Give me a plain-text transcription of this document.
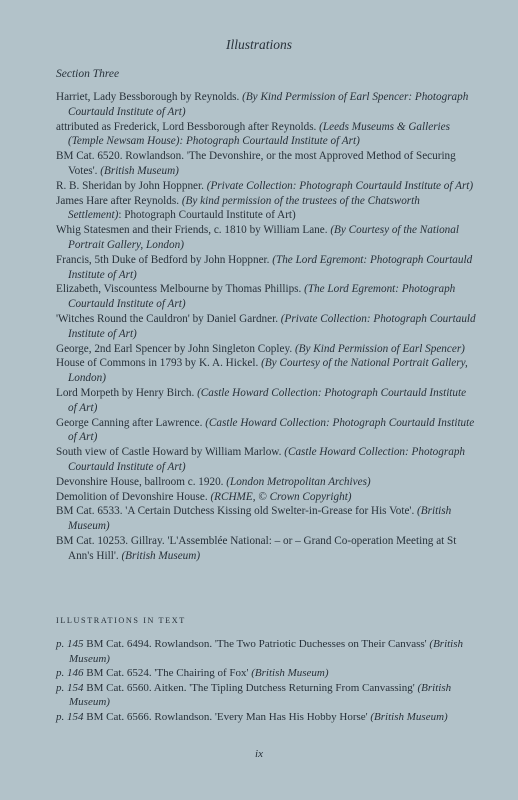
Illustrations
Section Three

Harriet, Lady Bessborough by Reynolds. (By Kind Permission of Earl Spencer: Photograph Courtauld Institute of Art)

attributed as Frederick, Lord Bessborough after Reynolds. (Leeds Museums & Galleries (Temple Newsam House): Photograph Courtauld Institute of Art)

BM Cat. 6520. Rowlandson. 'The Devonshire, or the most Approved Method of Securing Votes'. (British Museum)

R. B. Sheridan by John Hoppner. (Private Collection: Photograph Courtauld Institute of Art)

James Hare after Reynolds. (By kind permission of the trustees of the Chatsworth Settlement): Photograph Courtauld Institute of Art)

Whig Statesmen and their Friends, c. 1810 by William Lane. (By Courtesy of the National Portrait Gallery, London)

Francis, 5th Duke of Bedford by John Hoppner. (The Lord Egremont: Photograph Courtauld Institute of Art)

Elizabeth, Viscountess Melbourne by Thomas Phillips. (The Lord Egremont: Photograph Courtauld Institute of Art)

'Witches Round the Cauldron' by Daniel Gardner. (Private Collection: Photograph Courtauld Institute of Art)

George, 2nd Earl Spencer by John Singleton Copley. (By Kind Permission of Earl Spencer)

House of Commons in 1793 by K. A. Hickel. (By Courtesy of the National Portrait Gallery, London)

Lord Morpeth by Henry Birch. (Castle Howard Collection: Photograph Courtauld Institute of Art)

George Canning after Lawrence. (Castle Howard Collection: Photograph Courtauld Institute of Art)

South view of Castle Howard by William Marlow. (Castle Howard Collection: Photograph Courtauld Institute of Art)

Devonshire House, ballroom c. 1920. (London Metropolitan Archives)

Demolition of Devonshire House. (RCHME, © Crown Copyright)

BM Cat. 6533. 'A Certain Dutchess Kissing old Swelter-in-Grease for His Vote'. (British Museum)

BM Cat. 10253. Gillray. 'L'Assemblée National: – or – Grand Co-operation Meeting at St Ann's Hill'. (British Museum)

ILLUSTRATIONS IN TEXT

p. 145 BM Cat. 6494. Rowlandson. 'The Two Patriotic Duchesses on Their Canvass' (British Museum)

p. 146 BM Cat. 6524. 'The Chairing of Fox' (British Museum)

p. 154 BM Cat. 6560. Aitken. 'The Tipling Dutchess Returning From Canvassing' (British Museum)

p. 154 BM Cat. 6566. Rowlandson. 'Every Man Has His Hobby Horse' (British Museum)

ix
